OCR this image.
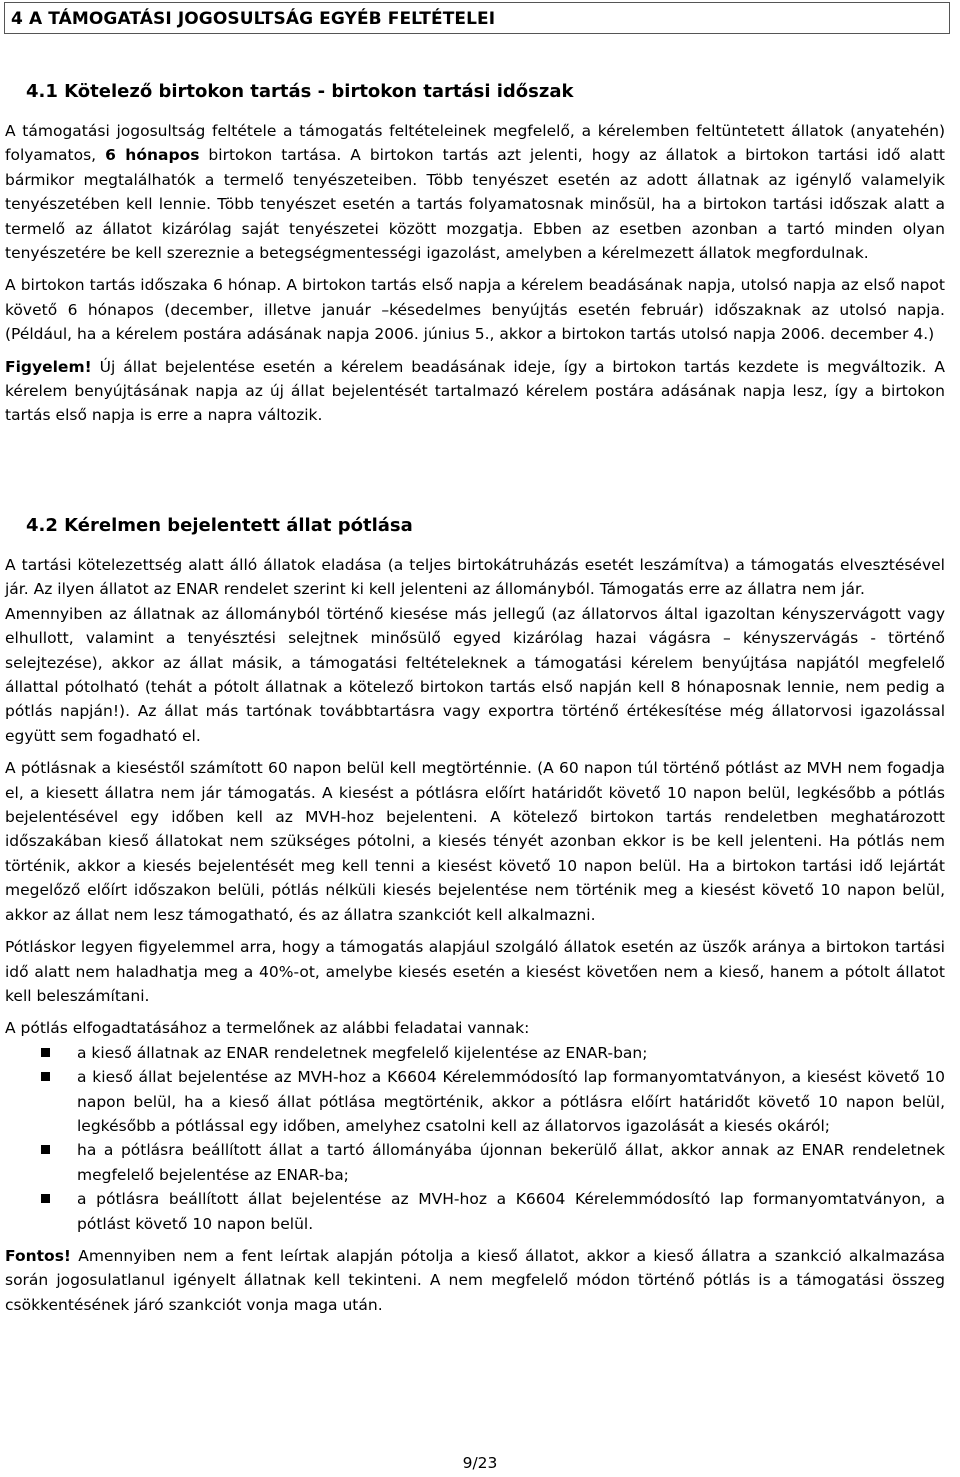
4 A TÁMOGATÁSI JOGOSULTSÁG EGYÉB FELTÉTELEI
4.1 Kötelező birtokon tartás - birtokon tartási időszak

A támogatási jogosultság feltétele a támogatás feltételeinek megfelelő, a kérelemben feltüntetett állatok (anyatehén) folyamatos, 6 hónapos birtokon tartása. A birtokon tartás azt jelenti, hogy az állatok a birtokon tartási idő alatt bármikor megtalálhatók a termelő tenyészeteiben. Több tenyészet esetén az adott állatnak az igénylő valamelyik tenyészetében kell lennie. Több tenyészet esetén a tartás folyamatosnak minősül, ha a birtokon tartási időszak alatt a termelő az állatot kizárólag saját tenyészetei között mozgatja. Ebben az esetben azonban a tartó minden olyan tenyészetére be kell szereznie a betegségmentességi igazolást, amelyben a kérelmezett állatok megfordulnak.

A birtokon tartás időszaka 6 hónap. A birtokon tartás első napja a kérelem beadásának napja, utolsó napja az első napot követő 6 hónapos (december, illetve január –késedelmes benyújtás esetén február) időszaknak az utolsó napja. (Például, ha a kérelem postára adásának napja 2006. június 5., akkor a birtokon tartás utolsó napja 2006. december 4.)

Figyelem! Új állat bejelentése esetén a kérelem beadásának ideje, így a birtokon tartás kezdete is megváltozik. A kérelem benyújtásának napja az új állat bejelentését tartalmazó kérelem postára adásának napja lesz, így a birtokon tartás első napja is erre a napra változik.

4.2 Kérelmen bejelentett állat pótlása

A tartási kötelezettség alatt álló állatok eladása (a teljes birtokátruházás esetét leszámítva) a támogatás elvesztésével jár. Az ilyen állatot az ENAR rendelet szerint ki kell jelenteni az állományból. Támogatás erre az állatra nem jár.

Amennyiben az állatnak az állományból történő kiesése más jellegű (az állatorvos által igazoltan kényszervágott vagy elhullott, valamint a tenyésztési selejtnek minősülő egyed kizárólag hazai vágásra – kényszervágás - történő selejtezése), akkor az állat másik, a támogatási feltételeknek a támogatási kérelem benyújtása napjától megfelelő állattal pótolható (tehát a pótolt állatnak a kötelező birtokon tartás első napján kell 8 hónaposnak lennie, nem pedig a pótlás napján!). Az állat más tartónak továbbtartásra vagy exportra történő értékesítése még állatorvosi igazolással együtt sem fogadható el.

A pótlásnak a kieséstől számított 60 napon belül kell megtörténnie. (A 60 napon túl történő pótlást az MVH nem fogadja el, a kiesett állatra nem jár támogatás. A kiesést a pótlásra előírt határidőt követő 10 napon belül, legkésőbb a pótlás bejelentésével egy időben kell az MVH-hoz bejelenteni. A kötelező birtokon tartás rendeletben meghatározott időszakában kieső állatokat nem szükséges pótolni, a kiesés tényét azonban ekkor is be kell jelenteni. Ha pótlás nem történik, akkor a kiesés bejelentését meg kell tenni a kiesést követő 10 napon belül. Ha a birtokon tartási idő lejártát megelőző előírt időszakon belüli, pótlás nélküli kiesés bejelentése nem történik meg a kiesést követő 10 napon belül, akkor az állat nem lesz támogatható, és az állatra szankciót kell alkalmazni.

Pótláskor legyen figyelemmel arra, hogy a támogatás alapjául szolgáló állatok esetén az üszők aránya a birtokon tartási idő alatt nem haladhatja meg a 40%-ot, amelybe kiesés esetén a kiesést követően nem a kieső, hanem a pótolt állatot kell beleszámítani.

A pótlás elfogadtatásához a termelőnek az alábbi feladatai vannak:

a kieső állatnak az ENAR rendeletnek megfelelő kijelentése az ENAR-ban;
a kieső állat bejelentése az MVH-hoz a K6604 Kérelemmódosító lap formanyomtatványon, a kiesést követő 10 napon belül, ha a kieső állat pótlása megtörténik, akkor a pótlásra előírt határidőt követő 10 napon belül, legkésőbb a pótlással egy időben, amelyhez csatolni kell az állatorvos igazolását a kiesés okáról;
ha a pótlásra beállított állat a tartó állományába újonnan bekerülő állat, akkor annak az ENAR rendeletnek megfelelő bejelentése az ENAR-ba;
a pótlásra beállított állat bejelentése az MVH-hoz a K6604 Kérelemmódosító lap formanyomtatványon, a pótlást követő 10 napon belül.

Fontos! Amennyiben nem a fent leírtak alapján pótolja a kieső állatot, akkor a kieső állatra a szankció alkalmazása során jogosulatlanul igényelt állatnak kell tekinteni. A nem megfelelő módon történő pótlás is a támogatási összeg csökkentésének járó szankciót vonja maga után.

9/23
